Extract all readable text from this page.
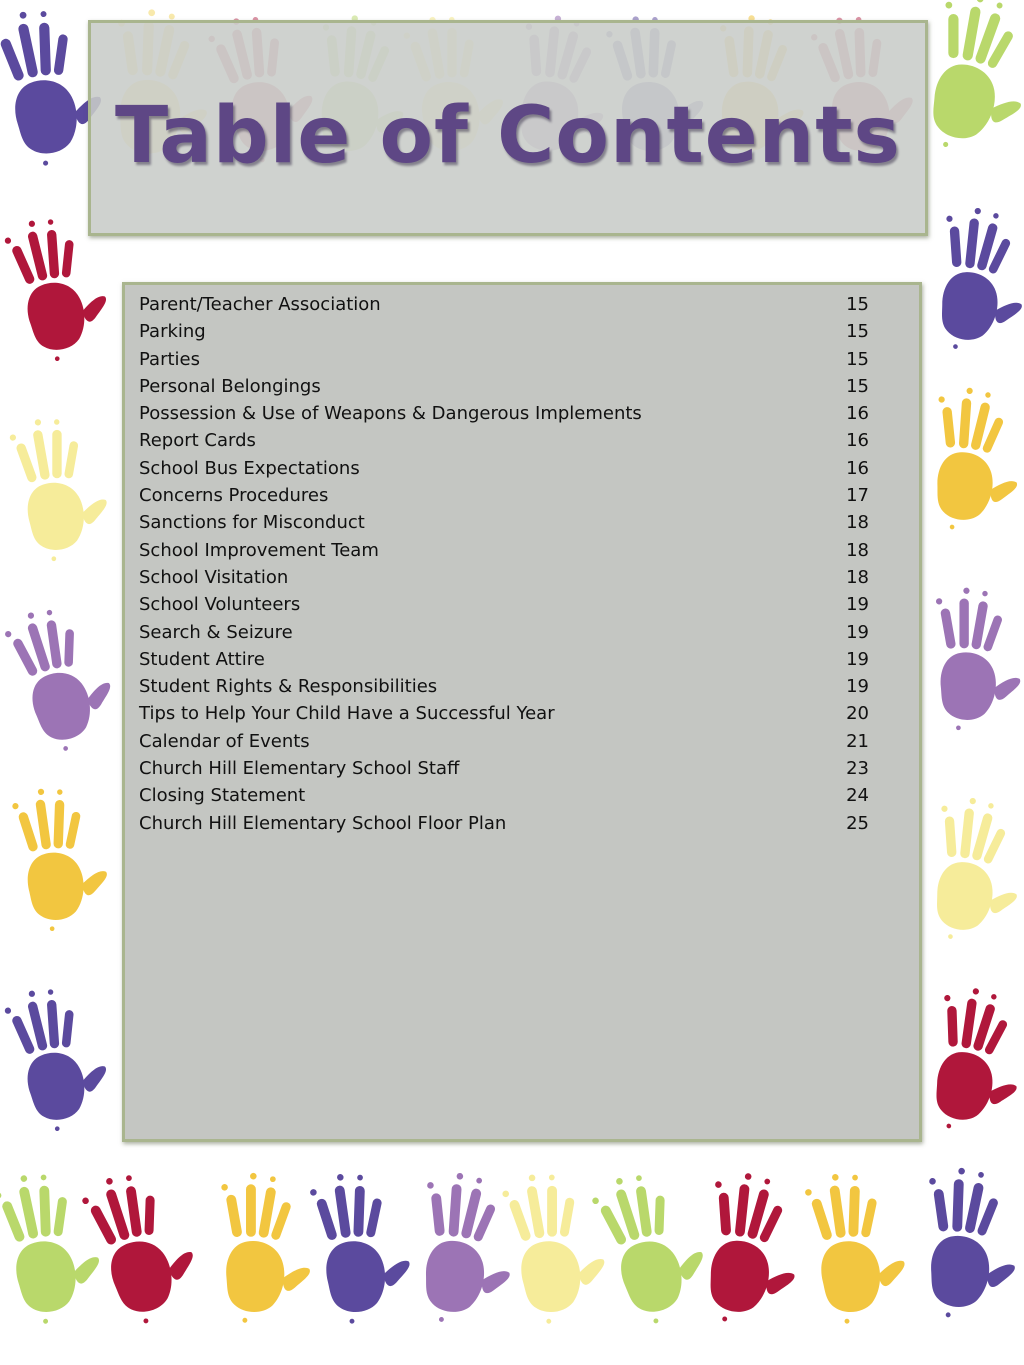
Table of Contents
Parent/Teacher Association	15
Parking	15
Parties	15
Personal Belongings	15
Possession & Use of Weapons & Dangerous Implements	16
Report Cards	16
School Bus Expectations	16
Concerns Procedures	17
Sanctions for Misconduct	18
School Improvement Team	18
School Visitation	18
School Volunteers	19
Search & Seizure	19
Student Attire	19
Student Rights & Responsibilities	19
Tips to Help Your Child Have a Successful Year	20
Calendar of Events	21
Church Hill Elementary School Staff	23
Closing Statement	24
Church Hill Elementary School Floor Plan	25
